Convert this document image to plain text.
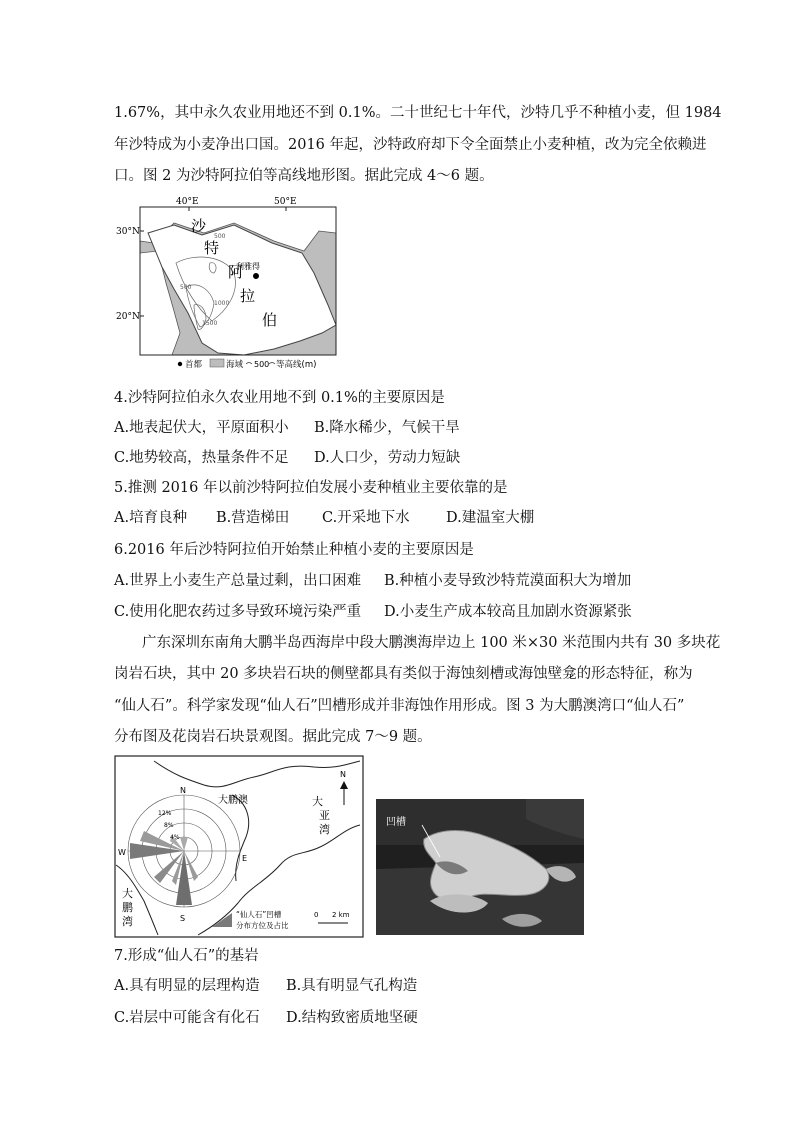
1.67%，其中永久农业用地还不到 0.1%。二十世纪七十年代，沙特几乎不种植小麦，但 1984
年沙特成为小麦净出口国。2016 年起，沙特政府却下令全面禁止小麦种植，改为完全依赖进
口。图 2 为沙特阿拉伯等高线地形图。据此完成 4～6 题。
40°E	50°E
30°N
20°N
沙
特
阿
拉
伯
利雅得
500
500
1000
1500
首都	海域 500 等高线(m)
4.沙特阿拉伯永久农业用地不到 0.1%的主要原因是
A.地表起伏大，平原面积小 B.降水稀少，气候干旱
C.地势较高，热量条件不足 D.人口少，劳动力短缺
5.推测 2016 年以前沙特阿拉伯发展小麦种植业主要依靠的是
A.培育良种 B.营造梯田 C.开采地下水	D.建温室大棚
6.2016 年后沙特阿拉伯开始禁止种植小麦的主要原因是
A.世界上小麦生产总量过剩，出口困难 B.种植小麦导致沙特荒漠面积大为增加
C.使用化肥农药过多导致环境污染严重 D.小麦生产成本较高且加剧水资源紧张
广东深圳东南角大鹏半岛西海岸中段大鹏澳海岸边上 100 米×30 米范围内共有 30 多块花
岗岩石块，其中 20 多块岩石块的侧壁都具有类似于海蚀刻槽或海蚀壁龛的形态特征，称为
“仙人石”。科学家发现“仙人石”凹槽形成并非海蚀作用形成。图 3 为大鹏澳湾口“仙人石”
分布图及花岗岩石块景观图。据此完成 7～9 题。
N
E
S
W
12%
8%
4%
大鹏澳	大
亚
湾
大
鹏
湾
N
“仙人石”凹槽
分布方位及占比
0 2 km
凹槽
7.形成“仙人石”的基岩
A.具有明显的层理构造 B.具有明显气孔构造
C.岩层中可能含有化石 D.结构致密质地坚硬
